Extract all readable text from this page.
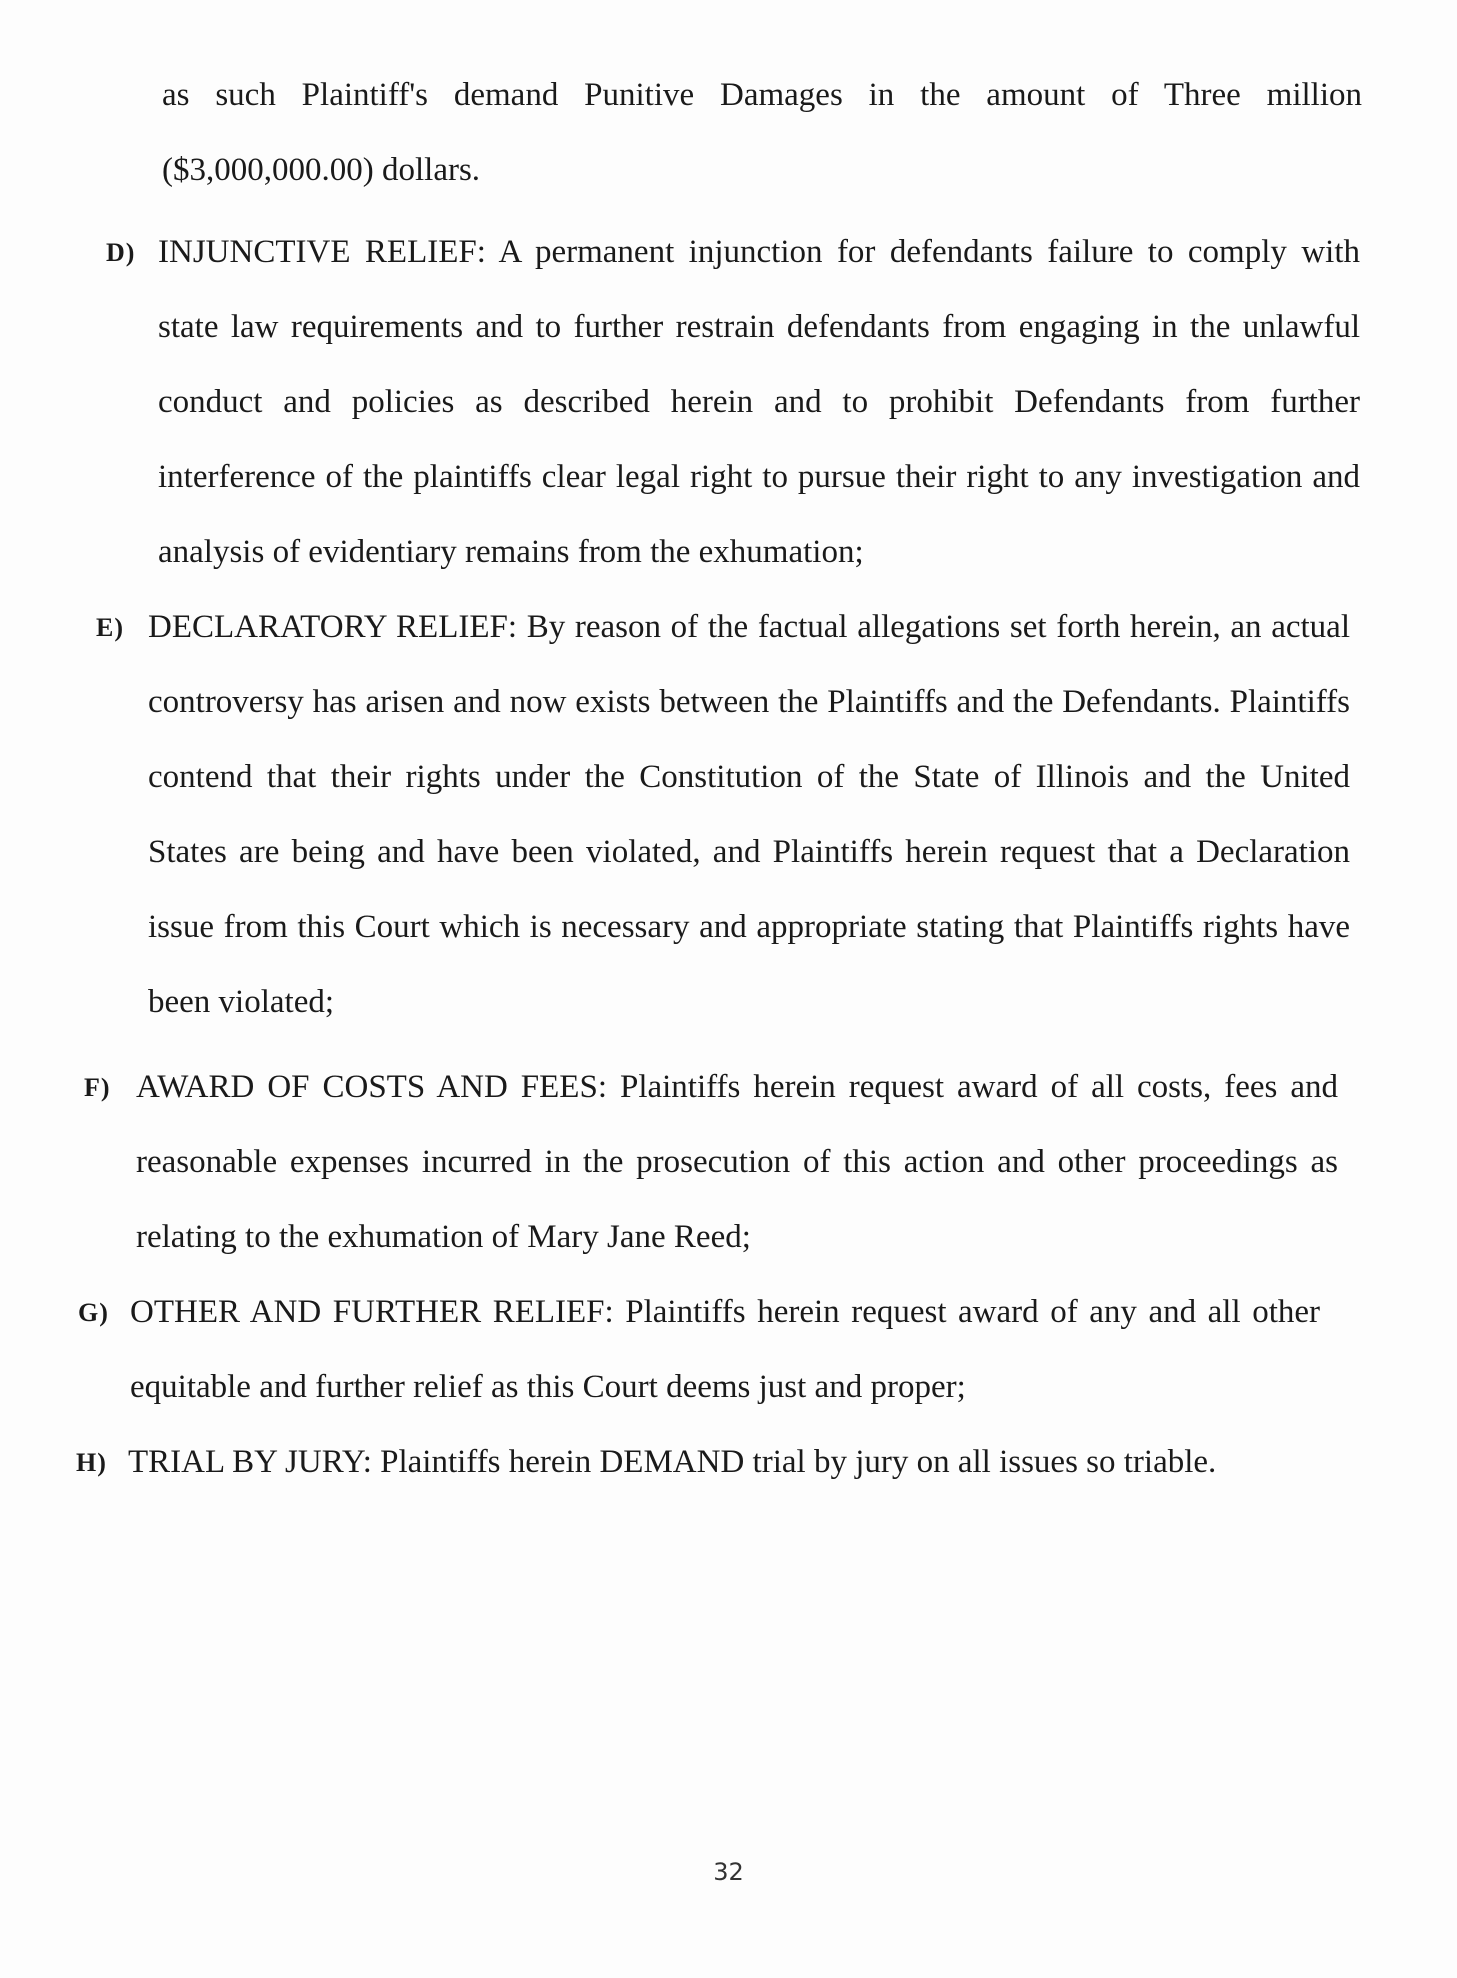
as such Plaintiff's demand Punitive Damages in the amount of Three million ($3,000,000.00) dollars.

D) INJUNCTIVE RELIEF: A permanent injunction for defendants failure to comply with state law requirements and to further restrain defendants from engaging in the unlawful conduct and policies as described herein and to prohibit Defendants from further interference of the plaintiffs clear legal right to pursue their right to any investigation and analysis of evidentiary remains from the exhumation;
E) DECLARATORY RELIEF: By reason of the factual allegations set forth herein, an actual controversy has arisen and now exists between the Plaintiffs and the Defendants. Plaintiffs contend that their rights under the Constitution of the State of Illinois and the United States are being and have been violated, and Plaintiffs herein request that a Declaration issue from this Court which is necessary and appropriate stating that Plaintiffs rights have been violated;
F) AWARD OF COSTS AND FEES: Plaintiffs herein request award of all costs, fees and reasonable expenses incurred in the prosecution of this action and other proceedings as relating to the exhumation of Mary Jane Reed;
G) OTHER AND FURTHER RELIEF: Plaintiffs herein request award of any and all other equitable and further relief as this Court deems just and proper;
H) TRIAL BY JURY: Plaintiffs herein DEMAND trial by jury on all issues so triable.
32
